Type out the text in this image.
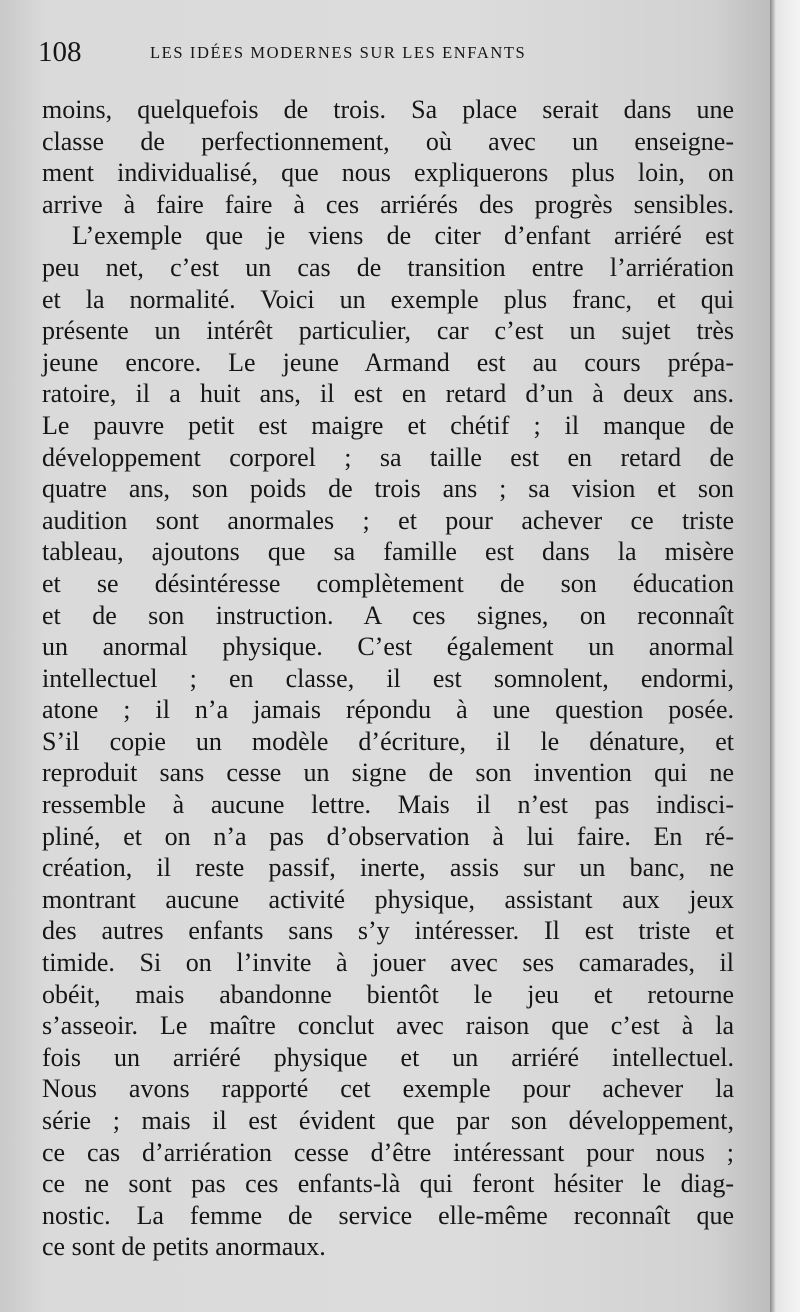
108	LES IDÉES MODERNES SUR LES ENFANTS
moins, quelquefois de trois. Sa place serait dans une
classe de perfectionnement, où avec un enseigne-
ment individualisé, que nous expliquerons plus loin, on
arrive à faire faire à ces arriérés des progrès sensibles.
L’exemple que je viens de citer d’enfant arriéré est
peu net, c’est un cas de transition entre l’arriération
et la normalité. Voici un exemple plus franc, et qui
présente un intérêt particulier, car c’est un sujet très
jeune encore. Le jeune Armand est au cours prépa-
ratoire, il a huit ans, il est en retard d’un à deux ans.
Le pauvre petit est maigre et chétif ; il manque de
développement corporel ; sa taille est en retard de
quatre ans, son poids de trois ans ; sa vision et son
audition sont anormales ; et pour achever ce triste
tableau, ajoutons que sa famille est dans la misère
et se désintéresse complètement de son éducation
et de son instruction. A ces signes, on reconnaît
un anormal physique. C’est également un anormal
intellectuel ; en classe, il est somnolent, endormi,
atone ; il n’a jamais répondu à une question posée.
S’il copie un modèle d’écriture, il le dénature, et
reproduit sans cesse un signe de son invention qui ne
ressemble à aucune lettre. Mais il n’est pas indisci-
pliné, et on n’a pas d’observation à lui faire. En ré-
création, il reste passif, inerte, assis sur un banc, ne
montrant aucune activité physique, assistant aux jeux
des autres enfants sans s’y intéresser. Il est triste et
timide. Si on l’invite à jouer avec ses camarades, il
obéit, mais abandonne bientôt le jeu et retourne
s’asseoir. Le maître conclut avec raison que c’est à la
fois un arriéré physique et un arriéré intellectuel.
Nous avons rapporté cet exemple pour achever la
série ; mais il est évident que par son développement,
ce cas d’arriération cesse d’être intéressant pour nous ;
ce ne sont pas ces enfants-là qui feront hésiter le diag-
nostic. La femme de service elle-même reconnaît que
ce sont de petits anormaux.
